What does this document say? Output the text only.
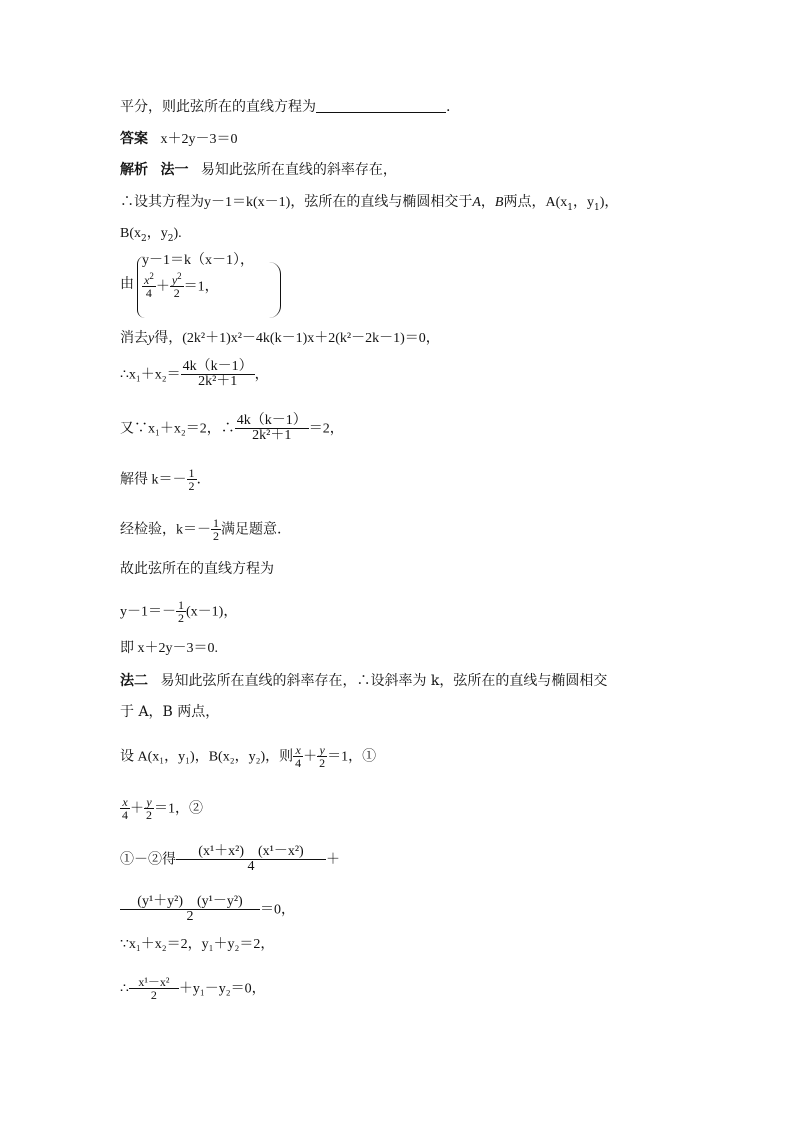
平分，则此弦所在的直线方程为	.
答案 x＋2y－3＝0
解析 法一 易知此弦所在直线的斜率存在，
∴设其方程为y－1＝k(x－1)，弦所在的直线与椭圆相交于A，B两点，$A(x_1$，$y_1$)，
$B(x_2$，$y_2$).
由
y－1＝k（x－1），
$\frac{x^2}{4} + \frac{y^2}{2} =1$，
消去y得，(2k²＋1)x²－4k(k－1)x＋2(k²－2k－1)＝0，
∴x₁＋x₂＝ $\frac{4k(k-1)}{\text{2k²＋1}}$ ，
又∵x₁＋x₂＝2，∴ $\frac{4k(k-1)}{\text{2k²＋1}} =2$，
解得 $k=- \frac{1}{2}$ .
经检验，$k=- \frac{1}{2}$ 满足题意.
故此弦所在的直线方程为
$y-1=- \frac{1}{2} (x-1)$，
即 x＋2y－3＝0.
法二 易知此弦所在直线的斜率存在，∴设斜率为 k，弦所在的直线与椭圆相交
于 A，B 两点，
设 A(x₁，y₁)，B(x₂，y₂)，则 $\frac{x}{4} + \frac{y}{2} =1$，①
$\frac{x}{4} + \frac{y}{2} =1$，②
①－②得 $\frac{\text{(x¹＋x²)　(x¹－x²)}}{4}$ ＋
$\frac{\text{(y¹＋y²)　(y¹－y²)}}{2} =0$，
∵x₁＋x₂＝2，y₁＋y₂＝2，
∴ $\frac{\text{x¹－x²}}{2} +y_1-y_2=0$，
